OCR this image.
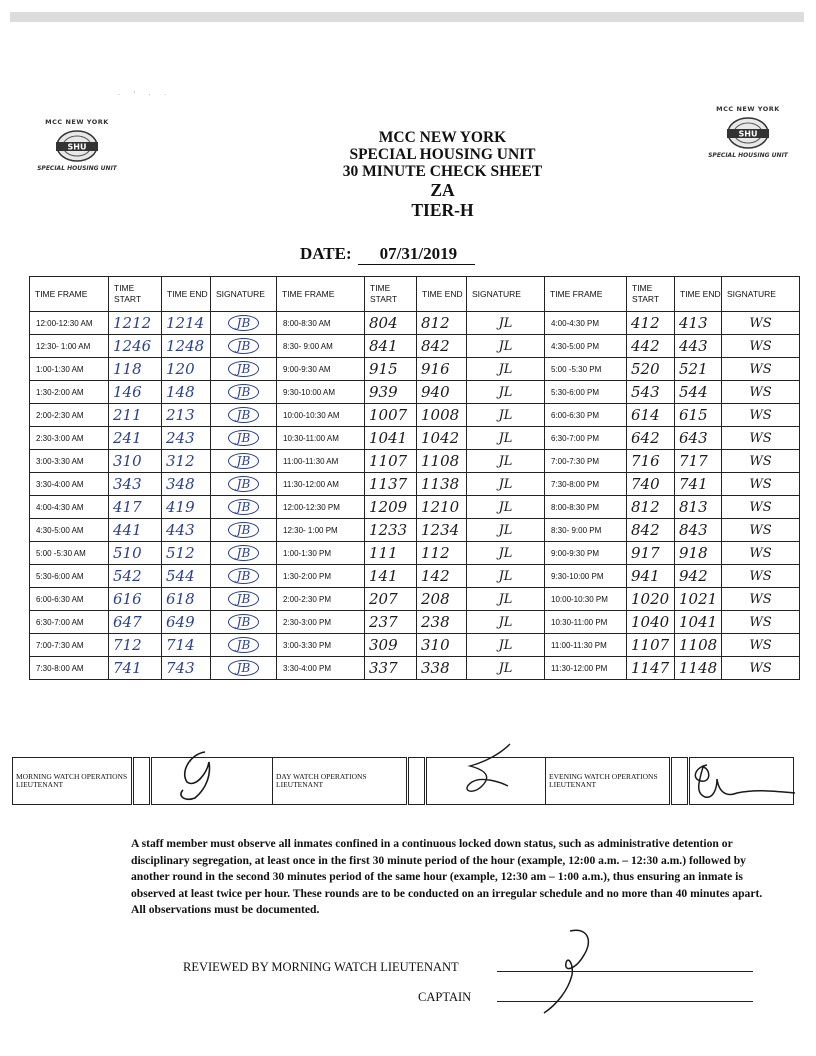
· ' · ·
MCC NEW YORK
SHU
SPECIAL HOUSING UNIT
MCC NEW YORK
SHU
SPECIAL HOUSING UNIT
MCC NEW YORK
SPECIAL HOUSING UNIT
30 MINUTE CHECK SHEET
ZA
TIER-H
DATE: 07/31/2019
TIME FRAME	TIME START	TIME END	SIGNATURE	TIME FRAME	TIME START	TIME END	SIGNATURE	TIME FRAME	TIME START	TIME END	SIGNATURE
12:00-12:30 AM	1212	1214	JB	8:00-8:30 AM	804	812	JL	4:00-4:30 PM	412	413	WS
12:30- 1:00 AM	1246	1248	JB	8:30- 9:00 AM	841	842	JL	4:30-5:00 PM	442	443	WS
1:00-1:30 AM	118	120	JB	9:00-9:30 AM	915	916	JL	5:00 -5:30 PM	520	521	WS
1:30-2:00 AM	146	148	JB	9:30-10:00 AM	939	940	JL	5:30-6:00 PM	543	544	WS
2:00-2:30 AM	211	213	JB	10:00-10:30 AM	1007	1008	JL	6:00-6:30 PM	614	615	WS
2:30-3:00 AM	241	243	JB	10:30-11:00 AM	1041	1042	JL	6:30-7:00 PM	642	643	WS
3:00-3:30 AM	310	312	JB	11:00-11:30 AM	1107	1108	JL	7:00-7:30 PM	716	717	WS
3:30-4:00 AM	343	348	JB	11:30-12:00 AM	1137	1138	JL	7:30-8:00 PM	740	741	WS
4:00-4:30 AM	417	419	JB	12:00-12:30 PM	1209	1210	JL	8:00-8:30 PM	812	813	WS
4:30-5:00 AM	441	443	JB	12:30- 1:00 PM	1233	1234	JL	8:30- 9:00 PM	842	843	WS
5:00 -5:30 AM	510	512	JB	1:00-1:30 PM	111	112	JL	9:00-9:30 PM	917	918	WS
5:30-6:00 AM	542	544	JB	1:30-2:00 PM	141	142	JL	9:30-10:00 PM	941	942	WS
6:00-6:30 AM	616	618	JB	2:00-2:30 PM	207	208	JL	10:00-10:30 PM	1020	1021	WS
6:30-7:00 AM	647	649	JB	2:30-3:00 PM	237	238	JL	10:30-11:00 PM	1040	1041	WS
7:00-7:30 AM	712	714	JB	3:00-3:30 PM	309	310	JL	11:00-11:30 PM	1107	1108	WS
7:30-8:00 AM	741	743	JB	3:30-4:00 PM	337	338	JL	11:30-12:00 PM	1147	1148	WS
MORNING WATCH OPERATIONS LIEUTENANT		
	DAY WATCH OPERATIONS LIEUTENANT		
	EVENING WATCH OPERATIONS LIEUTENANT		
A staff member must observe all inmates confined in a continuous locked down status, such as administrative detention or disciplinary segregation, at least once in the first 30 minute period of the hour (example, 12:00 a.m. – 12:30 a.m.) followed by another round in the second 30 minutes period of the same hour (example, 12:30 am – 1:00 a.m.), thus ensuring an inmate is observed at least twice per hour. These rounds are to be conducted on an irregular schedule and no more than 40 minutes apart. All observations must be documented.
REVIEWED BY MORNING WATCH LIEUTENANT
CAPTAIN
